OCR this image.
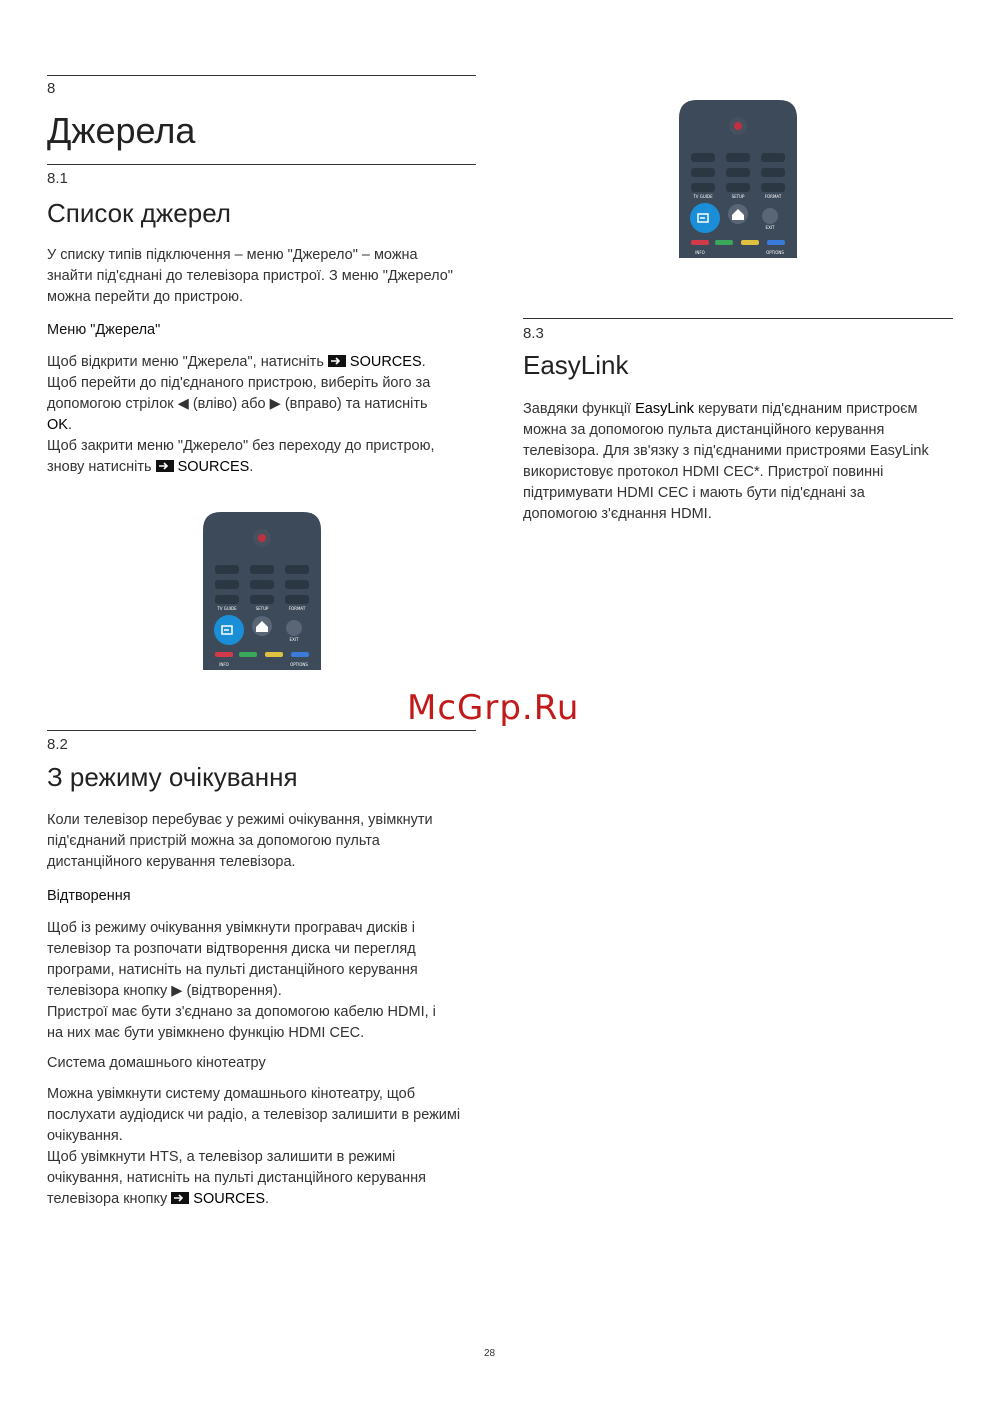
8
Джерела
8.1
Список джерел

У списку типів підключення – меню "Джерело" – можна

знайти під'єднані до телевізора пристрої. З меню "Джерело"

можна перейти до пристрою.

Меню "Джерела"

Щоб відкрити меню "Джерела", натисніть SOURCES.

Щоб перейти до під'єднаного пристрою, виберіть його за

допомогою стрілок ◀ (вліво) або ▶ (вправо) та натисніть

OK.

Щоб закрити меню "Джерело" без переходу до пристрою,

знову натисніть SOURCES.

TV GUIDE	SETUP	FORMAT
EXIT
INFO	OPTIONS
McGrp.Ru
8.2
З режиму очікування

Коли телевізор перебуває у режимі очікування, увімкнути

під'єднаний пристрій можна за допомогою пульта

дистанційного керування телевізора.

Відтворення

Щоб із режиму очікування увімкнути програвач дисків і

телевізор та розпочати відтворення диска чи перегляд

програми, натисніть на пульті дистанційного керування

телевізора кнопку ▶ (відтворення).

Пристрої має бути з'єднано за допомогою кабелю HDMI, і

на них має бути увімкнено функцію HDMI CEC.

Система домашнього кінотеатру

Можна увімкнути систему домашнього кінотеатру, щоб

послухати аудіодиск чи радіо, а телевізор залишити в режимі

очікування.

Щоб увімкнути HTS, а телевізор залишити в режимі

очікування, натисніть на пульті дистанційного керування

телевізора кнопку SOURCES.

TV GUIDE	SETUP	FORMAT
EXIT
INFO	OPTIONS
8.3
EasyLink

Завдяки функції EasyLink керувати під'єднаним пристроєм

можна за допомогою пульта дистанційного керування

телевізора. Для зв'язку з під'єднаними пристроями EasyLink

використовує протокол HDMI CEC*. Пристрої повинні

підтримувати HDMI CEC і мають бути під'єднані за

допомогою з'єднання HDMI.

28
